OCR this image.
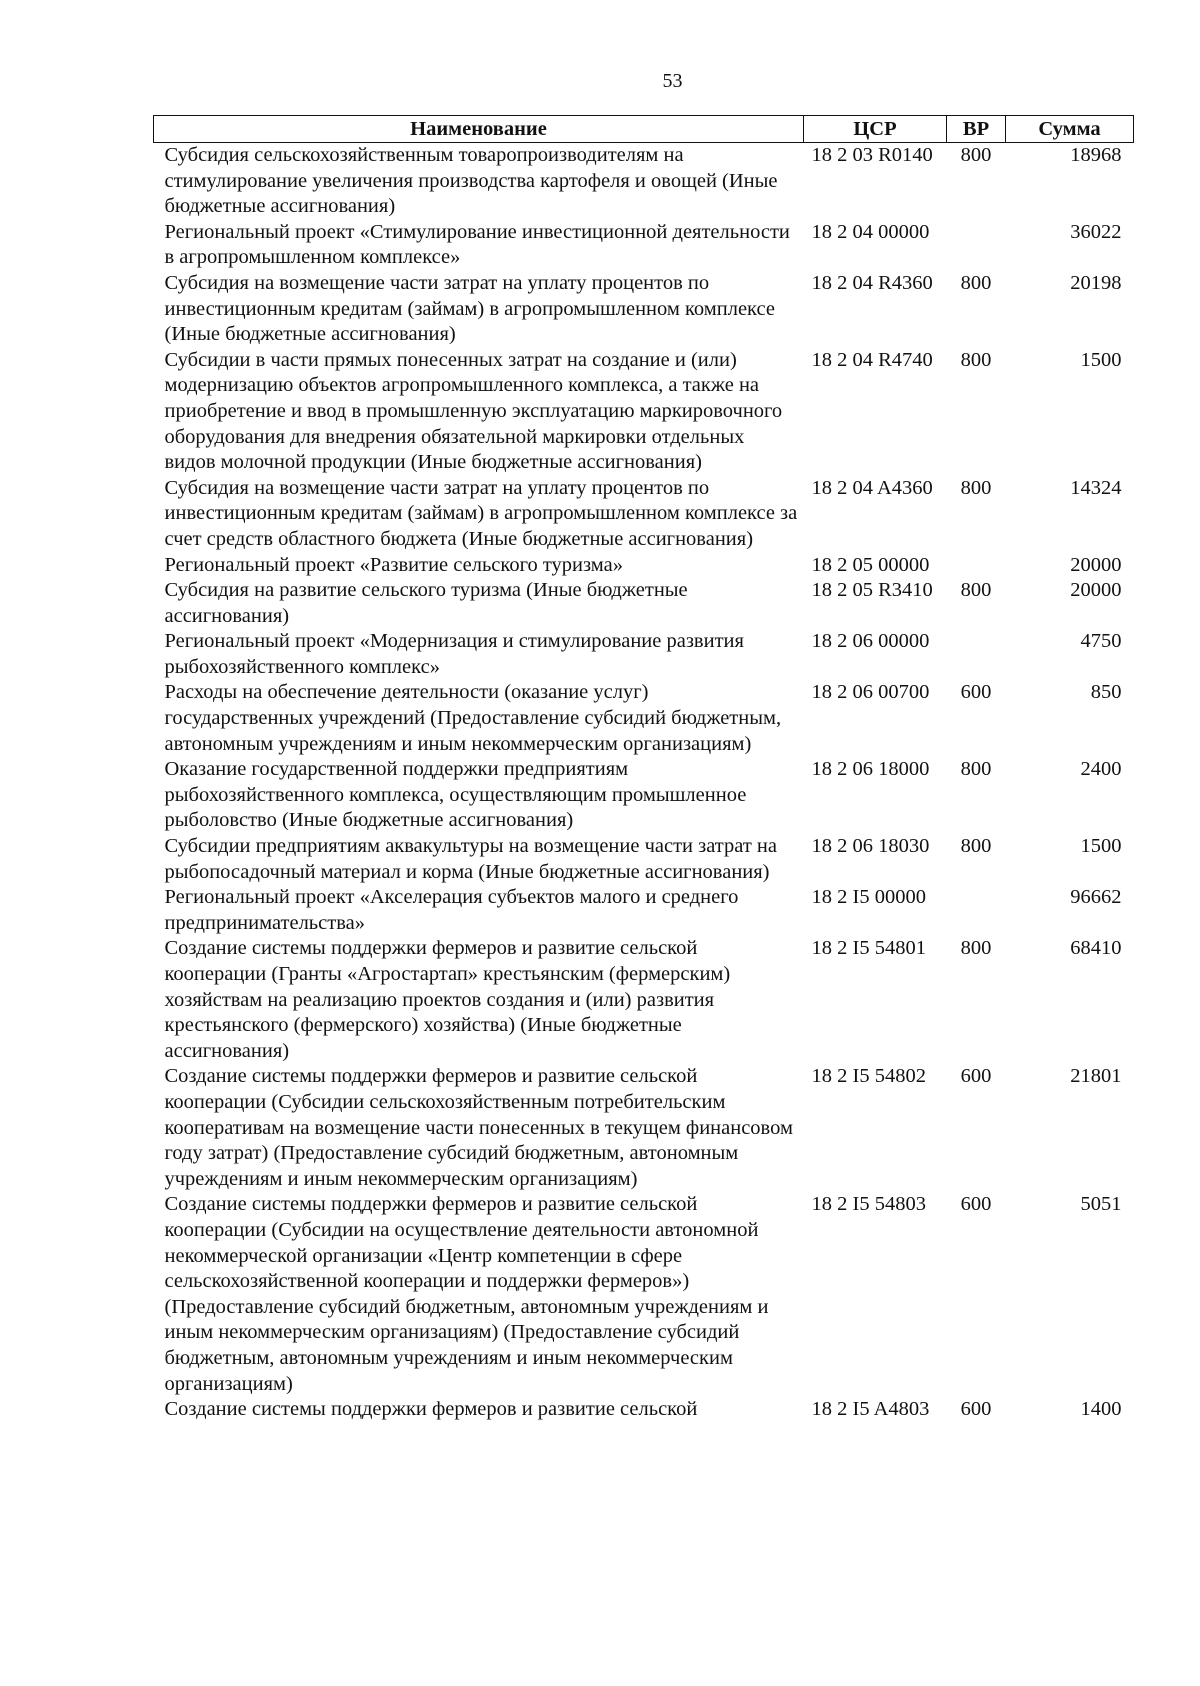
53
Наименование	ЦСР	ВР	Сумма
Субсидия сельскохозяйственным товаропроизводителям на стимулирование увеличения производства картофеля и овощей (Иные бюджетные ассигнования)	18 2 03 R0140	800	18968
Региональный проект «Стимулирование инвестиционной деятельности в агропромышленном комплексе»	18 2 04 00000		36022
Субсидия на возмещение части затрат на уплату процентов по инвестиционным кредитам (займам) в агропромышленном комплексе (Иные бюджетные ассигнования)	18 2 04 R4360	800	20198
Субсидии в части прямых понесенных затрат на создание и (или) модернизацию объектов агропромышленного комплекса, а также на приобретение и ввод в промышленную эксплуатацию маркировочного оборудования для внедрения обязательной маркировки отдельных видов молочной продукции (Иные бюджетные ассигнования)	18 2 04 R4740	800	1500
Субсидия на возмещение части затрат на уплату процентов по инвестиционным кредитам (займам) в агропромышленном комплексе за счет средств областного бюджета (Иные бюджетные ассигнования)	18 2 04 A4360	800	14324
Региональный проект «Развитие сельского туризма»	18 2 05 00000		20000
Субсидия на развитие сельского туризма (Иные бюджетные ассигнования)	18 2 05 R3410	800	20000
Региональный проект «Модернизация и стимулирование развития рыбохозяйственного комплекс»	18 2 06 00000		4750
Расходы на обеспечение деятельности (оказание услуг) государственных учреждений (Предоставление субсидий бюджетным, автономным учреждениям и иным некоммерческим организациям)	18 2 06 00700	600	850
Оказание государственной поддержки предприятиям рыбохозяйственного комплекса, осуществляющим промышленное рыболовство (Иные бюджетные ассигнования)	18 2 06 18000	800	2400
Субсидии предприятиям аквакультуры на возмещение части затрат на рыбопосадочный материал и корма (Иные бюджетные ассигнования)	18 2 06 18030	800	1500
Региональный проект «Акселерация субъектов малого и среднего предпринимательства»	18 2 I5 00000		96662
Создание системы поддержки фермеров и развитие сельской кооперации (Гранты «Агростартап» крестьянским (фермерским) хозяйствам на реализацию проектов создания и (или) развития крестьянского (фермерского) хозяйства) (Иные бюджетные ассигнования)	18 2 I5 54801	800	68410
Создание системы поддержки фермеров и развитие сельской кооперации (Субсидии сельскохозяйственным потребительским кооперативам на возмещение части понесенных в текущем финансовом году затрат) (Предоставление субсидий бюджетным, автономным учреждениям и иным некоммерческим организациям)	18 2 I5 54802	600	21801
Создание системы поддержки фермеров и развитие сельской кооперации (Субсидии на осуществление деятельности автономной некоммерческой организации «Центр компетенции в сфере сельскохозяйственной кооперации и поддержки фермеров») (Предоставление субсидий бюджетным, автономным учреждениям и иным некоммерческим организациям) (Предоставление субсидий бюджетным, автономным учреждениям и иным некоммерческим организациям)	18 2 I5 54803	600	5051
Создание системы поддержки фермеров и развитие сельской	18 2 I5 A4803	600	1400
